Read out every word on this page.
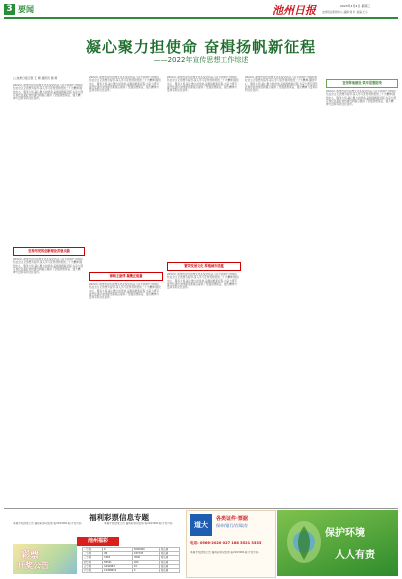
3 要闻	池州日报	2023年1月4日 星期三
池州报社新闻中心 编辑:刘 叶 美编:王小
凝心聚力担使命 奋楫扬帆新征程
——2022年宣传思想工作综述
□ 池州日报记者 王 婧 通讯员 施 婷
2022年,池州市宣传思想文化系统坚持以习近平新时代中国特色社会主义思想为指导,深入学习宣传贯彻党的二十大精神,围绕中心、服务大局,凝心聚力担使命,奋楫扬帆新征程,为奋力谱写现代化美好池州建设新篇章提供了坚强思想保证、强大精神力量和有利文化条件。
坚持用党的创新理论武装头脑
2022年,池州市宣传思想文化系统坚持以习近平新时代中国特色社会主义思想为指导,深入学习宣传贯彻党的二十大精神,围绕中心、服务大局,凝心聚力担使命,奋楫扬帆新征程,为奋力谱写现代化美好池州建设新篇章提供了坚强思想保证、强大精神力量和有利文化条件。
2022年,池州市宣传思想文化系统坚持以习近平新时代中国特色社会主义思想为指导,深入学习宣传贯彻党的二十大精神,围绕中心、服务大局,凝心聚力担使命,奋楫扬帆新征程,为奋力谱写现代化美好池州建设新篇章提供了坚强思想保证、强大精神力量和有利文化条件。
奏响主旋律 凝聚正能量
2022年,池州市宣传思想文化系统坚持以习近平新时代中国特色社会主义思想为指导,深入学习宣传贯彻党的二十大精神,围绕中心、服务大局,凝心聚力担使命,奋楫扬帆新征程,为奋力谱写现代化美好池州建设新篇章提供了坚强思想保证、强大精神力量和有利文化条件。
2022年,池州市宣传思想文化系统坚持以习近平新时代中国特色社会主义思想为指导,深入学习宣传贯彻党的二十大精神,围绕中心、服务大局,凝心聚力担使命,奋楫扬帆新征程,为奋力谱写现代化美好池州建设新篇章提供了坚强思想保证、强大精神力量和有利文化条件。
繁荣发展文化 厚植城市底蕴
2022年,池州市宣传思想文化系统坚持以习近平新时代中国特色社会主义思想为指导,深入学习宣传贯彻党的二十大精神,围绕中心、服务大局,凝心聚力担使命,奋楫扬帆新征程,为奋力谱写现代化美好池州建设新篇章提供了坚强思想保证、强大精神力量和有利文化条件。
2022年,池州市宣传思想文化系统坚持以习近平新时代中国特色社会主义思想为指导,深入学习宣传贯彻党的二十大精神,围绕中心、服务大局,凝心聚力担使命,奋楫扬帆新征程,为奋力谱写现代化美好池州建设新篇章提供了坚强思想保证、强大精神力量和有利文化条件。
宣传阵地建设 筑牢思想防线
2022年,池州市宣传思想文化系统坚持以习近平新时代中国特色社会主义思想为指导,深入学习宣传贯彻党的二十大精神,围绕中心、服务大局,凝心聚力担使命,奋楫扬帆新征程,为奋力谱写现代化美好池州建设新篇章提供了坚强思想保证、强大精神力量和有利文化条件。
福利彩票信息专题
本期开奖结果公告 福利彩票双色球 第2023001期 开奖号码	本期开奖结果公告 福利彩票双色球 第2023001期 开奖号码
池州福彩
一等奖	6	5000000	双色球
二等奖	98	187235	双色球
三等奖	1563	3000	双色球
四等奖	83541	200	双色球
五等奖	1642983	10	双色球
六等奖	12458621	5	双色球
彩票
开奖公告
道大
各类证件·票据
保单/银行/存/取存
电话: 0566-2020 027 188 5521 3333
本期开奖结果公告 福利彩票双色球 第2023001期 开奖号码
保护环境
人人有责
